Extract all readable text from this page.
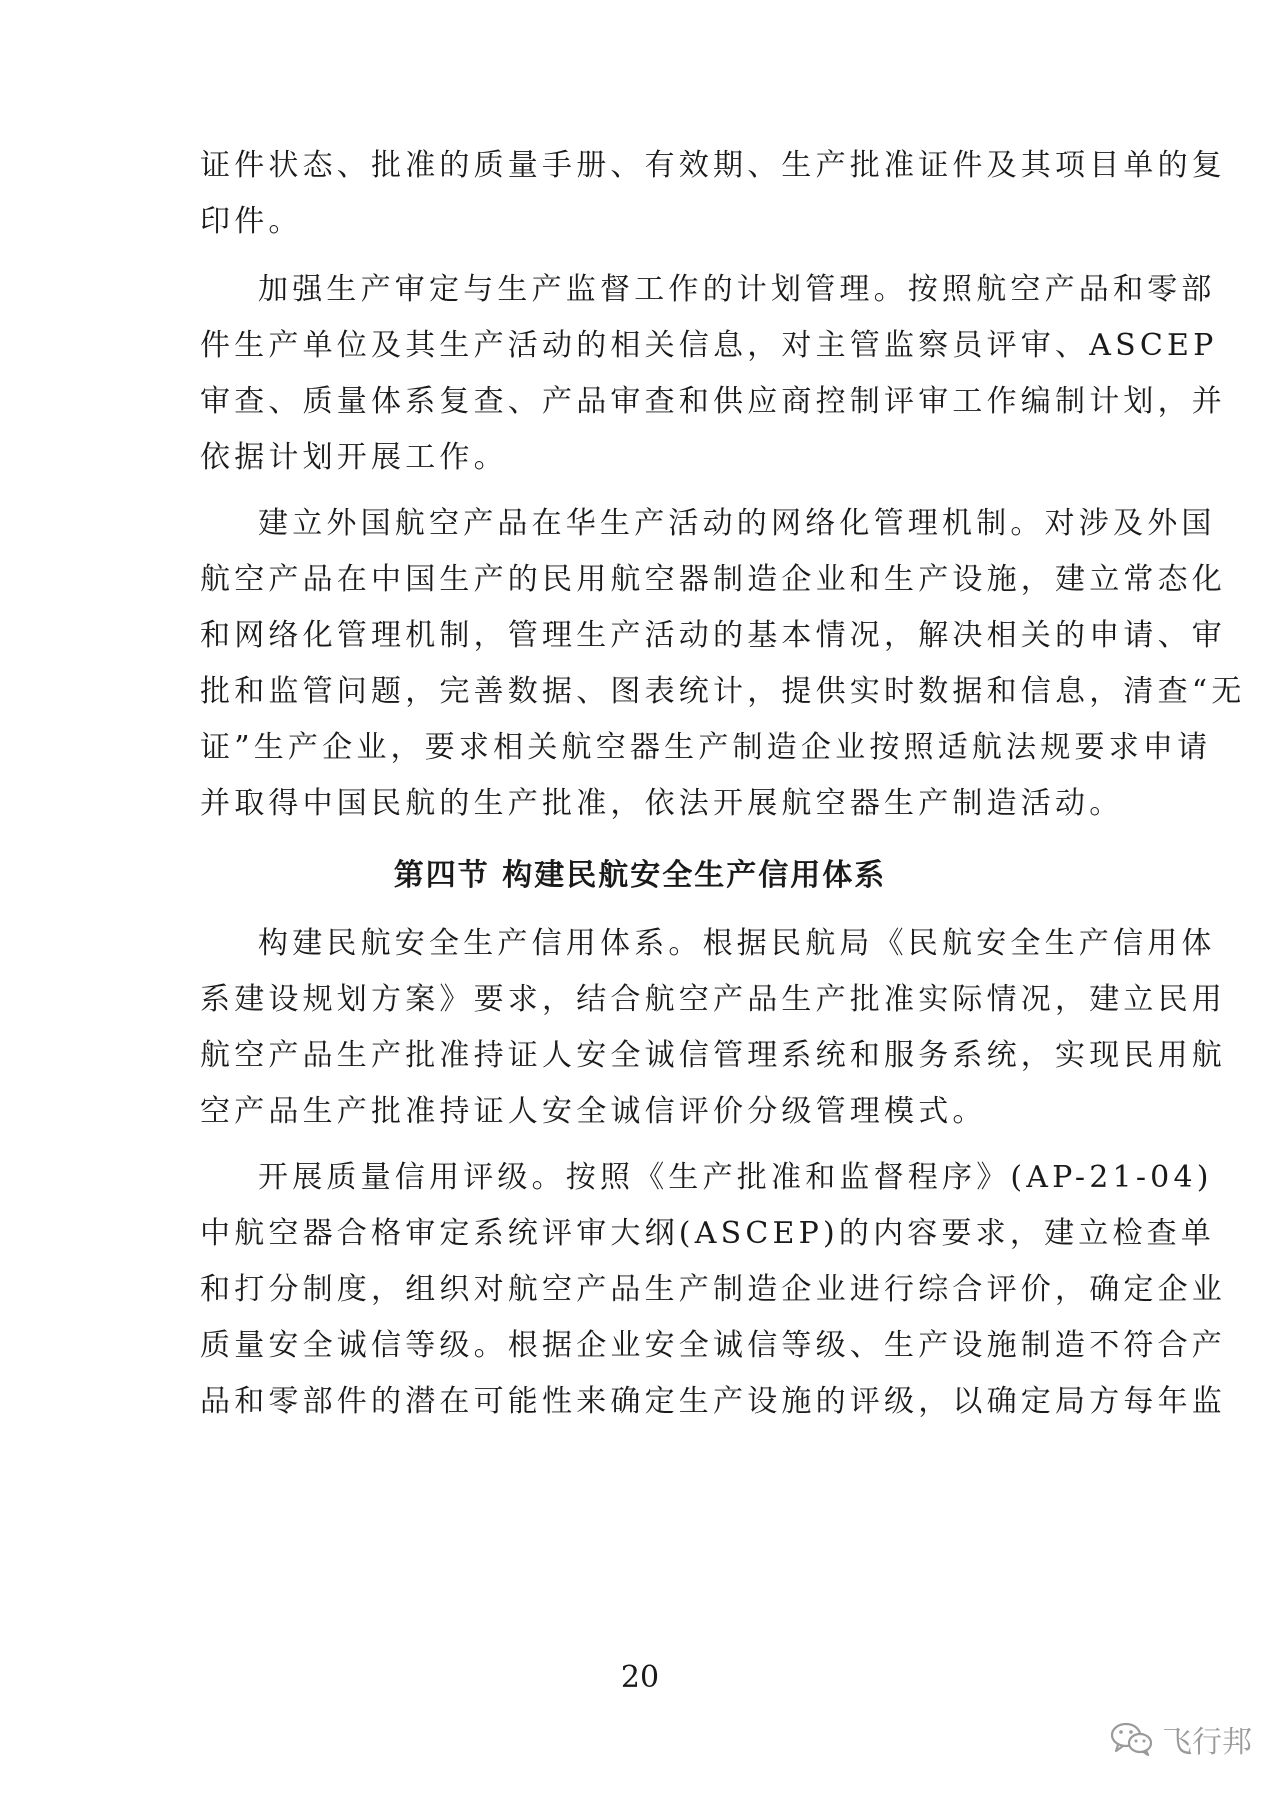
证件状态、批准的质量手册、有效期、生产批准证件及其项目单的复
印件。
加强生产审定与生产监督工作的计划管理。按照航空产品和零部
件生产单位及其生产活动的相关信息，对主管监察员评审、ASCEP
审查、质量体系复查、产品审查和供应商控制评审工作编制计划，并
依据计划开展工作。
建立外国航空产品在华生产活动的网络化管理机制。对涉及外国
航空产品在中国生产的民用航空器制造企业和生产设施，建立常态化
和网络化管理机制，管理生产活动的基本情况，解决相关的申请、审
批和监管问题，完善数据、图表统计，提供实时数据和信息，清查“无
证”生产企业，要求相关航空器生产制造企业按照适航法规要求申请
并取得中国民航的生产批准，依法开展航空器生产制造活动。
第四节 构建民航安全生产信用体系
构建民航安全生产信用体系。根据民航局《民航安全生产信用体
系建设规划方案》要求，结合航空产品生产批准实际情况，建立民用
航空产品生产批准持证人安全诚信管理系统和服务系统，实现民用航
空产品生产批准持证人安全诚信评价分级管理模式。
开展质量信用评级。按照《生产批准和监督程序》(AP-21-04)
中航空器合格审定系统评审大纲(ASCEP)的内容要求，建立检查单
和打分制度，组织对航空产品生产制造企业进行综合评价，确定企业
质量安全诚信等级。根据企业安全诚信等级、生产设施制造不符合产
品和零部件的潜在可能性来确定生产设施的评级，以确定局方每年监
20
飞行邦
